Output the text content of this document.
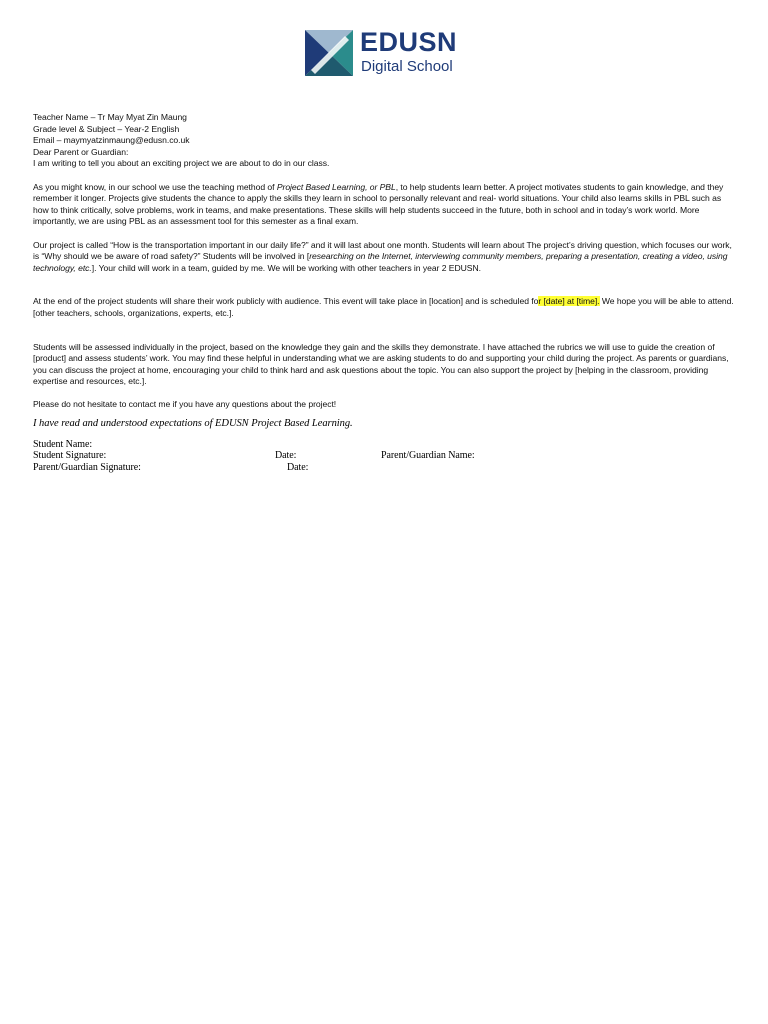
EDUSN
Digital School

Teacher Name – Tr May Myat Zin Maung

Grade level & Subject – Year-2 English

Email – maymyatzinmaung@edusn.co.uk

Dear Parent or Guardian:

I am writing to tell you about an exciting project we are about to do in our class.

As you might know, in our school we use the teaching method of Project Based Learning, or PBL, to help students learn better. A project motivates students to gain knowledge, and they remember it longer. Projects give students the chance to apply the skills they learn in school to personally relevant and real- world situations. Your child also learns skills in PBL such as how to think critically, solve problems, work in teams, and make presentations. These skills will help students succeed in the future, both in school and in today’s work world. More importantly, we are using PBL as an assessment tool for this semester as a final exam.

Our project is called “How is the transportation important in our daily life?” and it will last about one month. Students will learn about The project’s driving question, which focuses our work, is “Why should we be aware of road safety?” Students will be involved in [researching on the Internet, interviewing community members, preparing a presentation, creating a video, using technology, etc.]. Your child will work in a team, guided by me. We will be working with other teachers in year 2 EDUSN.

At the end of the project students will share their work publicly with audience. This event will take place in [location] and is scheduled for [date] at [time]. We hope you will be able to attend. [other teachers, schools, organizations, experts, etc.].

Students will be assessed individually in the project, based on the knowledge they gain and the skills they demonstrate. I have attached the rubrics we will use to guide the creation of [product] and assess students’ work. You may find these helpful in understanding what we are asking students to do and supporting your child during the project. As parents or guardians, you can discuss the project at home, encouraging your child to think hard and ask questions about the topic. You can also support the project by [helping in the classroom, providing expertise and resources, etc.].

Please do not hesitate to contact me if you have any questions about the project!

I have read and understood expectations of EDUSN Project Based Learning.

Student Name:
Student Signature:	Date:	Parent/Guardian Name:
Parent/Guardian Signature:	Date:
